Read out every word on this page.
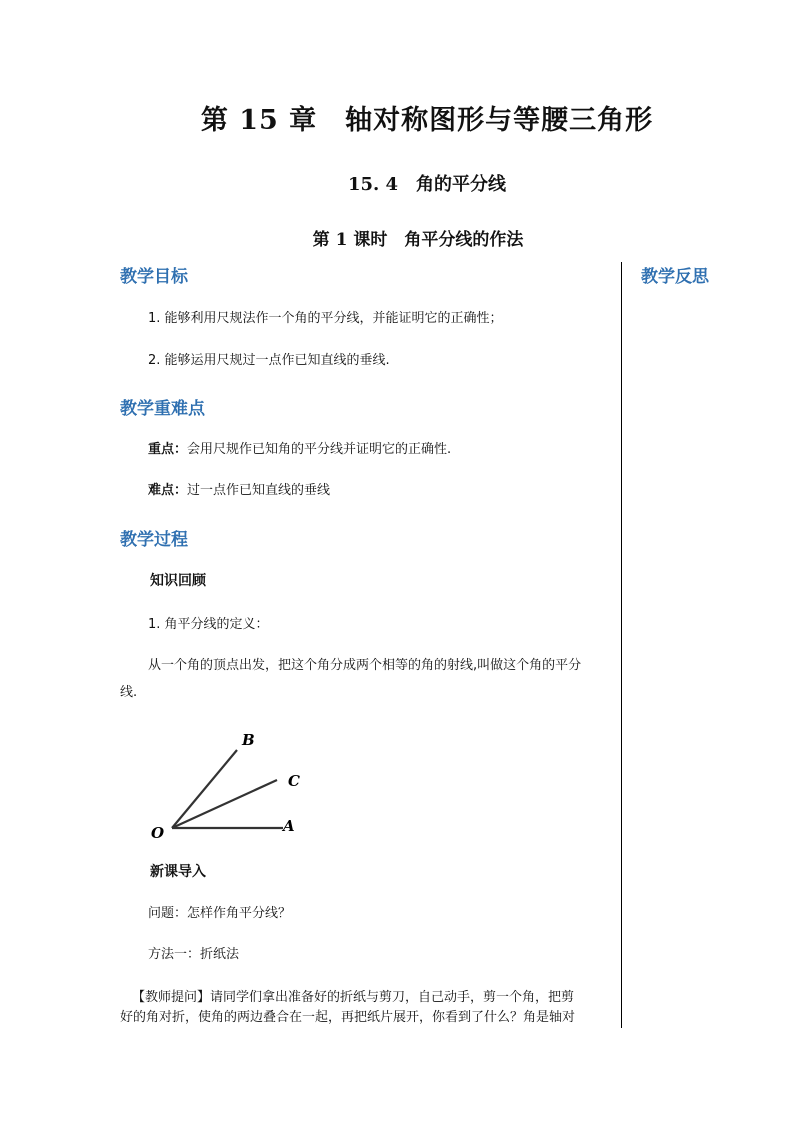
第 15 章　轴对称图形与等腰三角形
15. 4　角的平分线
第 1 课时　角平分线的作法
教学反思
教学目标
1. 能够利用尺规法作一个角的平分线，并能证明它的正确性；
2. 能够运用尺规过一点作已知直线的垂线.
教学重难点
重点：会用尺规作已知角的平分线并证明它的正确性.
难点：过一点作已知直线的垂线
教学过程
知识回顾
1. 角平分线的定义：
从一个角的顶点出发，把这个角分成两个相等的角的射线,叫做这个角的平分
线.
B
C
O	A
新课导入
问题：怎样作角平分线？
方法一：折纸法
【教师提问】请同学们拿出准备好的折纸与剪刀，自己动手，剪一个角，把剪
好的角对折，使角的两边叠合在一起，再把纸片展开，你看到了什么？角是轴对
